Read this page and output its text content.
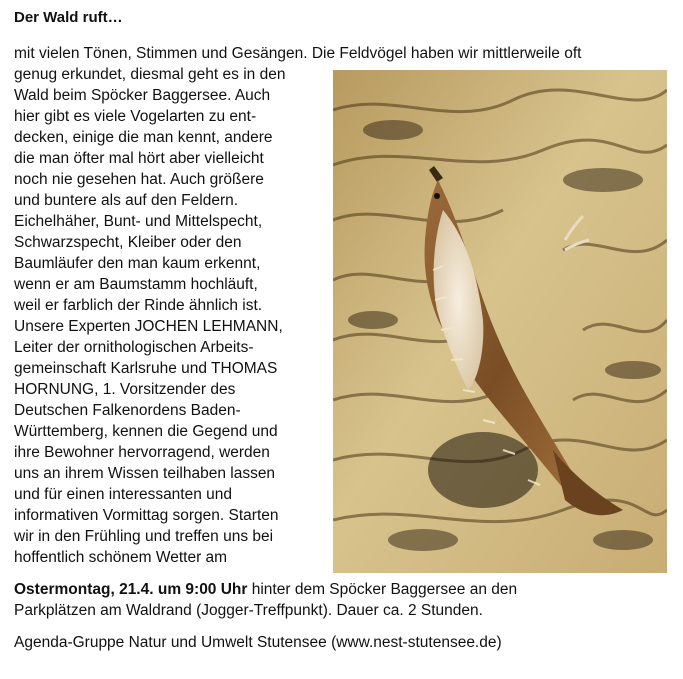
Der Wald ruft…
mit vielen Tönen, Stimmen und Gesängen. Die Feldvögel haben wir mittlerweile oft
genug erkundet, diesmal geht es in den
Wald beim Spöcker Baggersee. Auch
hier gibt es viele Vogelarten zu ent-
decken, einige die man kennt, andere
die man öfter mal hört aber vielleicht
noch nie gesehen hat. Auch größere
und buntere als auf den Feldern.
Eichelhäher, Bunt- und Mittelspecht,
Schwarzspecht, Kleiber oder den
Baumläufer den man kaum erkennt,
wenn er am Baumstamm hochläuft,
weil er farblich der Rinde ähnlich ist.
Unsere Experten JOCHEN LEHMANN,
Leiter der ornithologischen Arbeits-
gemeinschaft Karlsruhe und THOMAS
HORNUNG, 1. Vorsitzender des
Deutschen Falkenordens Baden-
Württemberg, kennen die Gegend und
ihre Bewohner hervorragend, werden
uns an ihrem Wissen teilhaben lassen
und für einen interessanten und
informativen Vormittag sorgen. Starten
wir in den Frühling und treffen uns bei
hoffentlich schönem Wetter am
Ostermontag, 21.4. um 9:00 Uhr hinter dem Spöcker Baggersee an den
Parkplätzen am Waldrand (Jogger-Treffpunkt). Dauer ca. 2 Stunden.
Agenda-Gruppe Natur und Umwelt Stutensee (www.nest-stutensee.de)
